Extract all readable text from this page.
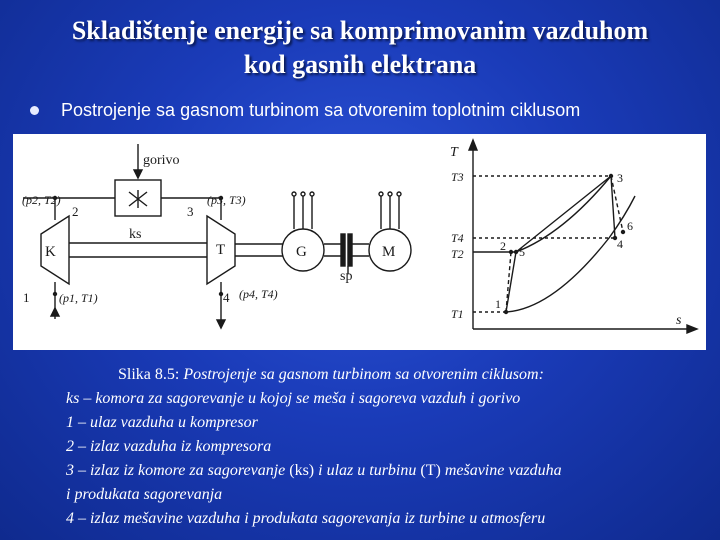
Skladištenje energije sa komprimovanim vazduhom
kod gasnih elektrana
Postrojenje sa gasnom turbinom sa otvorenim toplotnim ciklusom
gorivo
ks
K	T	G	M
sp
(p2, T2)	(p3, T3)
(p1, T1)	(p4, T4)
2	3
1	4
T
s
T3
T4
T2
T1
1
2 5
3
4
6
Slika 8.5: Postrojenje sa gasnom turbinom sa otvorenim ciklusom:
ks – komora za sagorevanje u kojoj se meša i sagoreva vazduh i gorivo
1 – ulaz vazduha u kompresor
2 – izlaz vazduha iz kompresora
3 – izlaz iz komore za sagorevanje (ks) i ulaz u turbinu (T) mešavine vazduha
i produkata sagorevanja
4 – izlaz mešavine vazduha i produkata sagorevanja iz turbine u atmosferu
